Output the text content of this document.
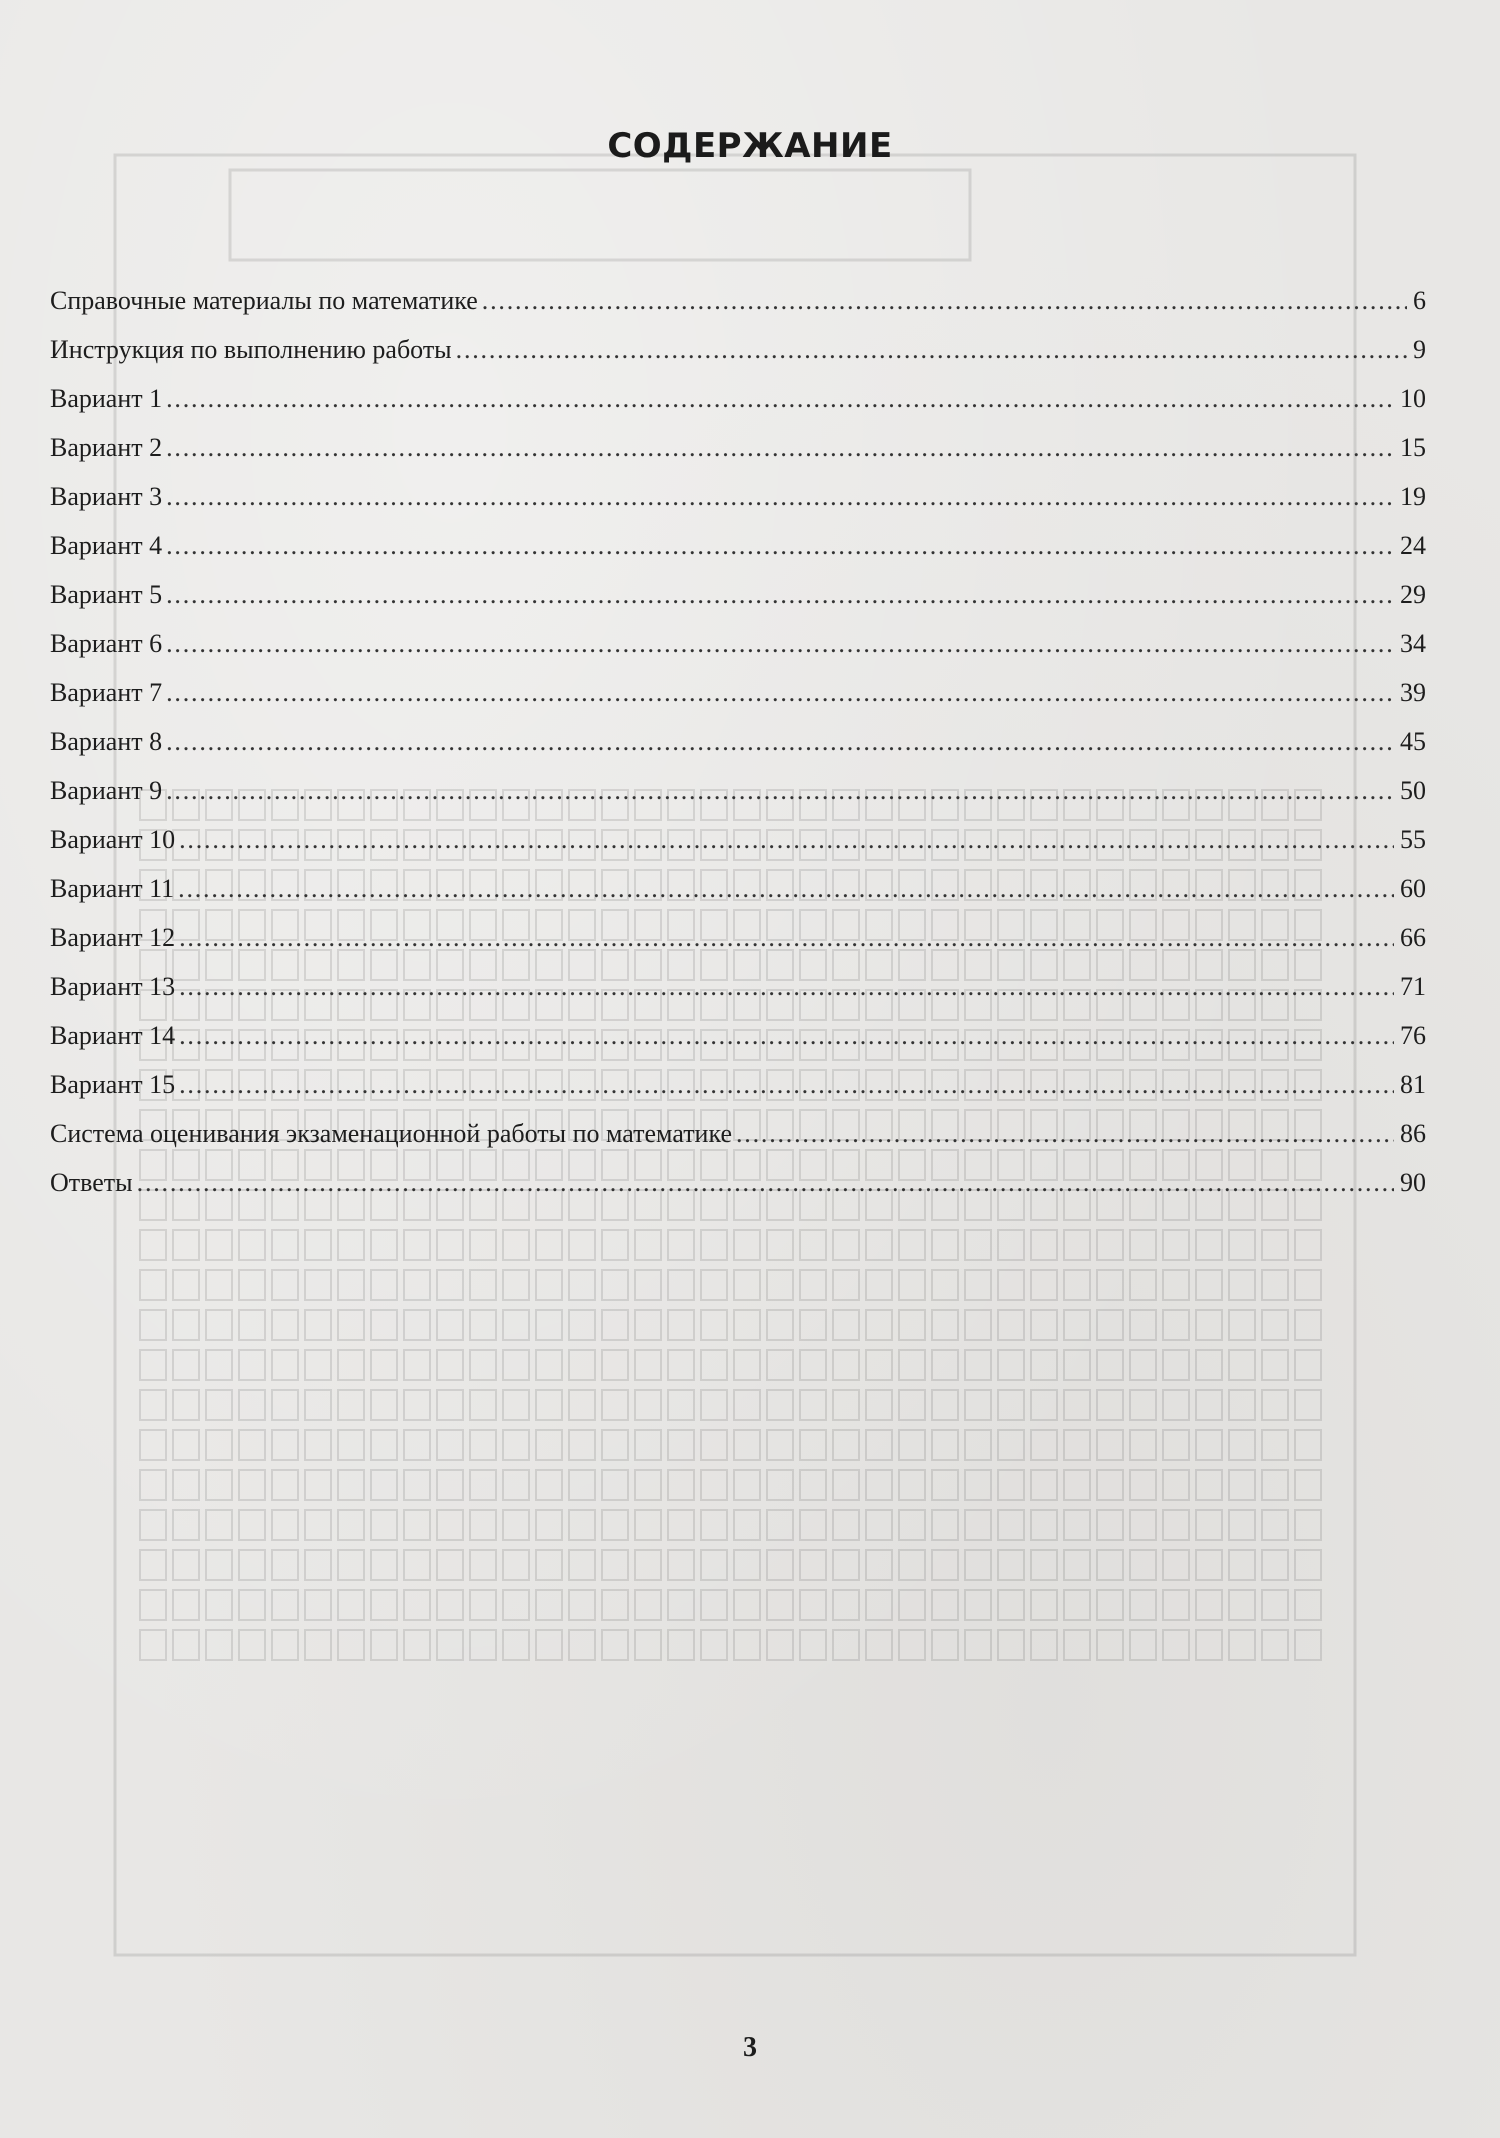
СОДЕРЖАНИЕ
Справочные материалы по математике .....	6
Инструкция по выполнению работы .....	9
Вариант 1 .....	10
Вариант 2 .....	15
Вариант 3 .....	19
Вариант 4 .....	24
Вариант 5 .....	29
Вариант 6 .....	34
Вариант 7 .....	39
Вариант 8 .....	45
Вариант 9 .....	50
Вариант 10 .....	55
Вариант 11 .....	60
Вариант 12 .....	66
Вариант 13 .....	71
Вариант 14 .....	76
Вариант 15 .....	81
Система оценивания экзаменационной работы по математике .....	86
Ответы .....	90
3
